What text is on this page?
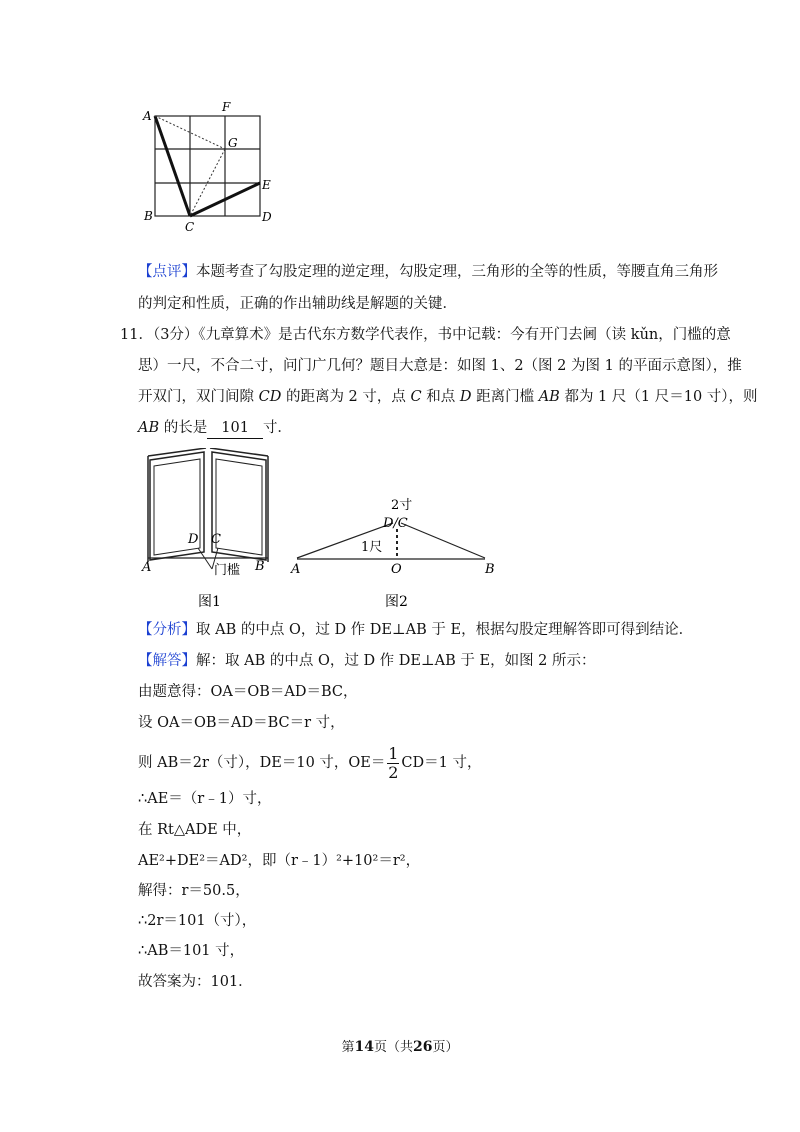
A
F
G
E
B
C
D
【点评】本题考查了勾股定理的逆定理，勾股定理，三角形的全等的性质，等腰直角三角形
的判定和性质，正确的作出辅助线是解题的关键．
11．（3分）《九章算术》是古代东方数学代表作，书中记载：今有开门去阃（读 kǔn，门槛的意
思）一尺，不合二寸，问门广几何？题目大意是：如图 1、2（图 2 为图 1 的平面示意图），推
开双门，双门间隙 CD 的距离为 2 寸，点 C 和点 D 距离门槛 AB 都为 1 尺（1 尺＝10 寸），则
AB 的长是 101 寸．
D C
A	B
门槛
图1
2寸
D/C
1尺
A	O	B
图2
【分析】取 AB 的中点 O，过 D 作 DE⊥AB 于 E，根据勾股定理解答即可得到结论．
【解答】解：取 AB 的中点 O，过 D 作 DE⊥AB 于 E，如图 2 所示：
由题意得：OA＝OB＝AD＝BC，
设 OA＝OB＝AD＝BC＝r 寸，
则 AB＝2r（寸），DE＝10 寸，$OE= \frac{1}{2} CD=1$ 寸，
∴AE＝（r﹣1）寸，
在 Rt△ADE 中，
AE²+DE²＝AD²，即（r﹣1）²+10²＝r²，
解得：r＝50.5，
∴2r＝101（寸），
∴AB＝101 寸，
故答案为：101．
第14页（共26页）
